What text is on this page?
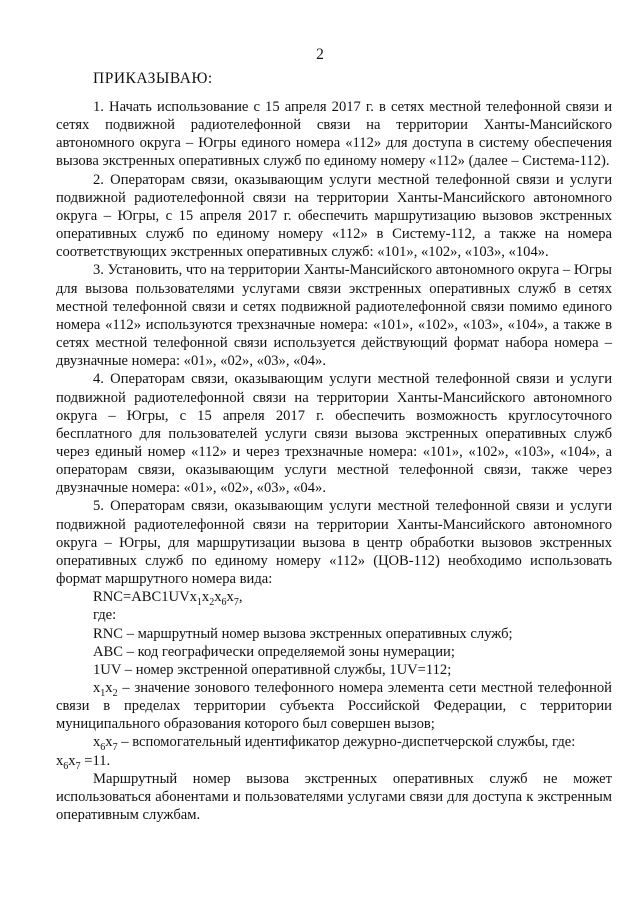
2
ПРИКАЗЫВАЮ:

1. Начать использование с 15 апреля 2017 г. в сетях местной телефонной связи и сетях подвижной радиотелефонной связи на территории Ханты-Мансийского автономного округа – Югры единого номера «112» для доступа в систему обеспечения вызова экстренных оперативных служб по единому номеру «112» (далее – Система-112).

2. Операторам связи, оказывающим услуги местной телефонной связи и услуги подвижной радиотелефонной связи на территории Ханты-Мансийского автономного округа – Югры, с 15 апреля 2017 г. обеспечить маршрутизацию вызовов экстренных оперативных служб по единому номеру «112» в Систему-112, а также на номера соответствующих экстренных оперативных служб: «101», «102», «103», «104».

3. Установить, что на территории Ханты-Мансийского автономного округа – Югры для вызова пользователями услугами связи экстренных оперативных служб в сетях местной телефонной связи и сетях подвижной радиотелефонной связи помимо единого номера «112» используются трехзначные номера: «101», «102», «103», «104», а также в сетях местной телефонной связи используется действующий формат набора номера – двузначные номера: «01», «02», «03», «04».

4. Операторам связи, оказывающим услуги местной телефонной связи и услуги подвижной радиотелефонной связи на территории Ханты-Мансийского автономного округа – Югры, с 15 апреля 2017 г. обеспечить возможность круглосуточного бесплатного для пользователей услуги связи вызова экстренных оперативных служб через единый номер «112» и через трехзначные номера: «101», «102», «103», «104», а операторам связи, оказывающим услуги местной телефонной связи, также через двузначные номера: «01», «02», «03», «04».

5. Операторам связи, оказывающим услуги местной телефонной связи и услуги подвижной радиотелефонной связи на территории Ханты-Мансийского автономного округа – Югры, для маршрутизации вызова в центр обработки вызовов экстренных оперативных служб по единому номеру «112» (ЦОВ-112) необходимо использовать формат маршрутного номера вида:

$RNC=ABC1UVx_1x_2x_6x_7$,

где:

RNC – маршрутный номер вызова экстренных оперативных служб;

ABC – код географически определяемой зоны нумерации;

1UV – номер экстренной оперативной службы, 1UV=112;

$x_1x_2$ – значение зонового телефонного номера элемента сети местной телефонной связи в пределах территории субъекта Российской Федерации, с территории муниципального образования которого был совершен вызов;

$x_6x_7$ – вспомогательный идентификатор дежурно-диспетчерской службы, где:

$x_6x_7 =11$.

Маршрутный номер вызова экстренных оперативных служб не может использоваться абонентами и пользователями услугами связи для доступа к экстренным оперативным службам.
